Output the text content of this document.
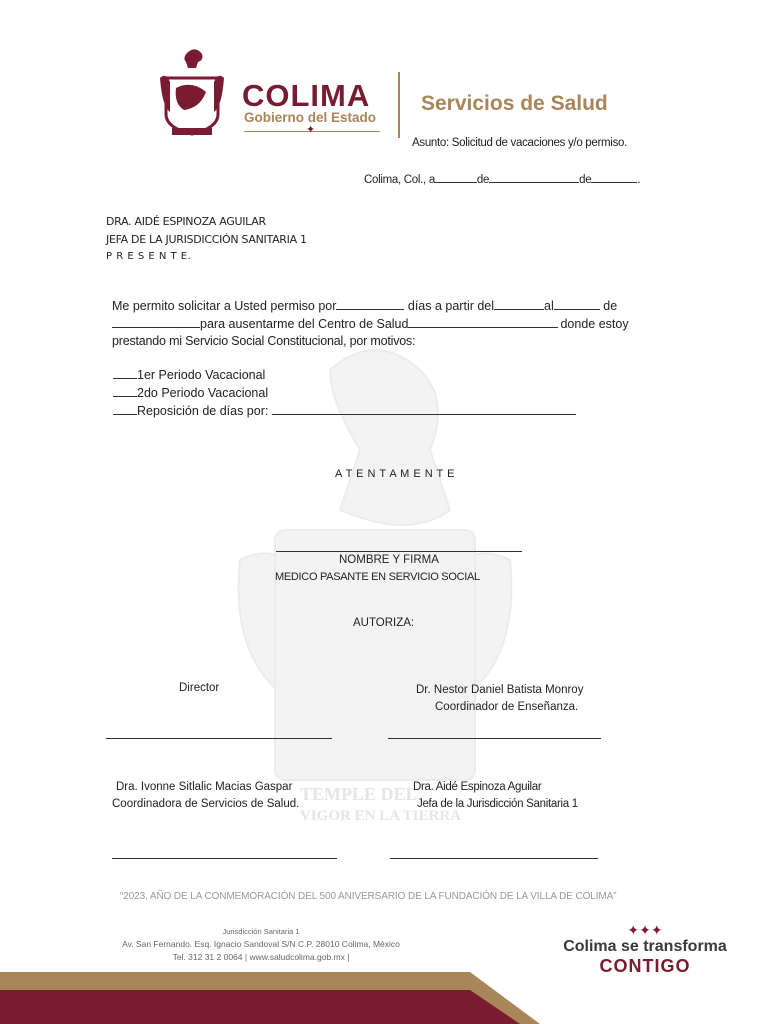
TEMPLE DEL
VIGOR EN LA TIERRA
COLIMA
Gobierno del Estado
✦
Servicios de Salud
Asunto: Solicitud de vacaciones y/o permiso.
Colima, Col., a	de	de	.
DRA. AIDÉ ESPINOZA AGUILAR
JEFA DE LA JURISDICCIÓN SANITARIA 1
P R E S E N T E.
Me permito solicitar a Usted permiso por	días a partir del	al	de
para ausentarme del Centro de Salud	donde estoy
prestando mi Servicio Social Constitucional, por motivos:
1er Periodo Vacacional
2do Periodo Vacacional
Reposición de días por:
A T E N T A M E N T E
NOMBRE Y FIRMA
MEDICO PASANTE EN SERVICIO SOCIAL
AUTORIZA:
Director	Dr. Nestor Daniel Batista Monroy
Coordinador de Enseñanza.
Dra. Ivonne Sitlalic Macias Gaspar
Coordinadora de Servicios de Salud.
Dra. Aidé Espinoza Aguilar
Jefa de la Jurisdicción Sanitaria 1
“2023, AÑO DE LA CONMEMORACIÓN DEL 500 ANIVERSARIO DE LA FUNDACIÓN DE LA VILLA DE COLIMA”
Jurisdicción Sanitaria 1
Av. San Fernando. Esq. Ignacio Sandoval S/N C.P. 28010 Colima, México
Tel. 312 31 2 0064 | www.saludcolima.gob.mx |
✦✦✦
Colima se transforma
CONTIGO
